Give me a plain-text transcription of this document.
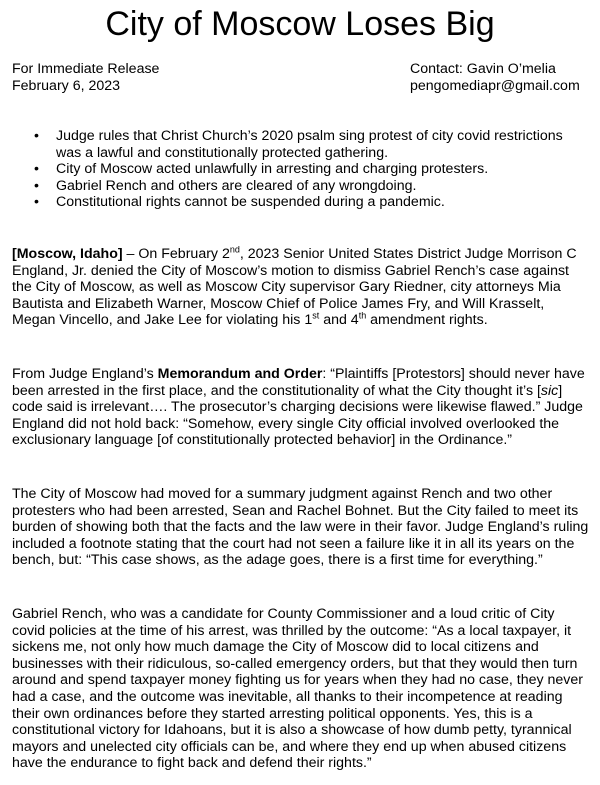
City of Moscow Loses Big
For Immediate Release
February 6, 2023
Contact: Gavin O’melia
pengomediapr@gmail.com
• Judge rules that Christ Church’s 2020 psalm sing protest of city covid restrictions was a lawful and constitutionally protected gathering.
• City of Moscow acted unlawfully in arresting and charging protesters.
• Gabriel Rench and others are cleared of any wrongdoing.
• Constitutional rights cannot be suspended during a pandemic.

[Moscow, Idaho] – On February 2nd, 2023 Senior United States District Judge Morrison C England, Jr. denied the City of Moscow’s motion to dismiss Gabriel Rench’s case against the City of Moscow, as well as Moscow City supervisor Gary Riedner, city attorneys Mia Bautista and Elizabeth Warner, Moscow Chief of Police James Fry, and Will Krasselt, Megan Vincello, and Jake Lee for violating his 1st and 4th amendment rights.

From Judge England’s Memorandum and Order: “Plaintiffs [Protestors] should never have been arrested in the first place, and the constitutionality of what the City thought it’s [sic] code said is irrelevant…. The prosecutor’s charging decisions were likewise flawed.” Judge England did not hold back: “Somehow, every single City official involved overlooked the exclusionary language [of constitutionally protected behavior] in the Ordinance.”

The City of Moscow had moved for a summary judgment against Rench and two other protesters who had been arrested, Sean and Rachel Bohnet. But the City failed to meet its burden of showing both that the facts and the law were in their favor. Judge England’s ruling included a footnote stating that the court had not seen a failure like it in all its years on the bench, but: “This case shows, as the adage goes, there is a first time for everything.”

Gabriel Rench, who was a candidate for County Commissioner and a loud critic of City covid policies at the time of his arrest, was thrilled by the outcome: “As a local taxpayer, it sickens me, not only how much damage the City of Moscow did to local citizens and businesses with their ridiculous, so-called emergency orders, but that they would then turn around and spend taxpayer money fighting us for years when they had no case, they never had a case, and the outcome was inevitable, all thanks to their incompetence at reading their own ordinances before they started arresting political opponents. Yes, this is a constitutional victory for Idahoans, but it is also a showcase of how dumb petty, tyrannical mayors and unelected city officials can be, and where they end up when abused citizens have the endurance to fight back and defend their rights.”
